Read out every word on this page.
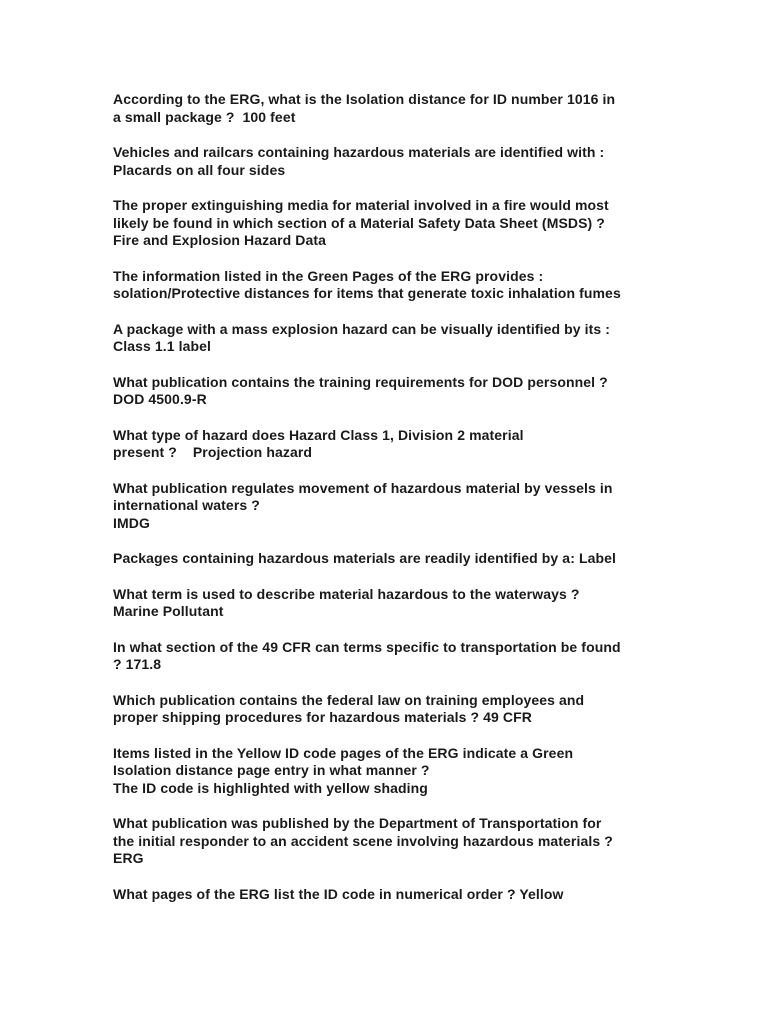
According to the ERG, what is the Isolation distance for ID number 1016 in
a small package ?  100 feet

Vehicles and railcars containing hazardous materials are identified with :
Placards on all four sides

The proper extinguishing media for material involved in a fire would most
likely be found in which section of a Material Safety Data Sheet (MSDS) ?
Fire and Explosion Hazard Data

The information listed in the Green Pages of the ERG provides :
solation/Protective distances for items that generate toxic inhalation fumes

A package with a mass explosion hazard can be visually identified by its :
Class 1.1 label

What publication contains the training requirements for DOD personnel ?
DOD 4500.9-R

What type of hazard does Hazard Class 1, Division 2 material
present ?    Projection hazard

What publication regulates movement of hazardous material by vessels in
international waters ?
IMDG

Packages containing hazardous materials are readily identified by a: Label

What term is used to describe material hazardous to the waterways ?
Marine Pollutant

In what section of the 49 CFR can terms specific to transportation be found
? 171.8

Which publication contains the federal law on training employees and
proper shipping procedures for hazardous materials ? 49 CFR

Items listed in the Yellow ID code pages of the ERG indicate a Green
Isolation distance page entry in what manner ?
The ID code is highlighted with yellow shading

What publication was published by the Department of Transportation for
the initial responder to an accident scene involving hazardous materials ?
ERG

What pages of the ERG list the ID code in numerical order ? Yellow
